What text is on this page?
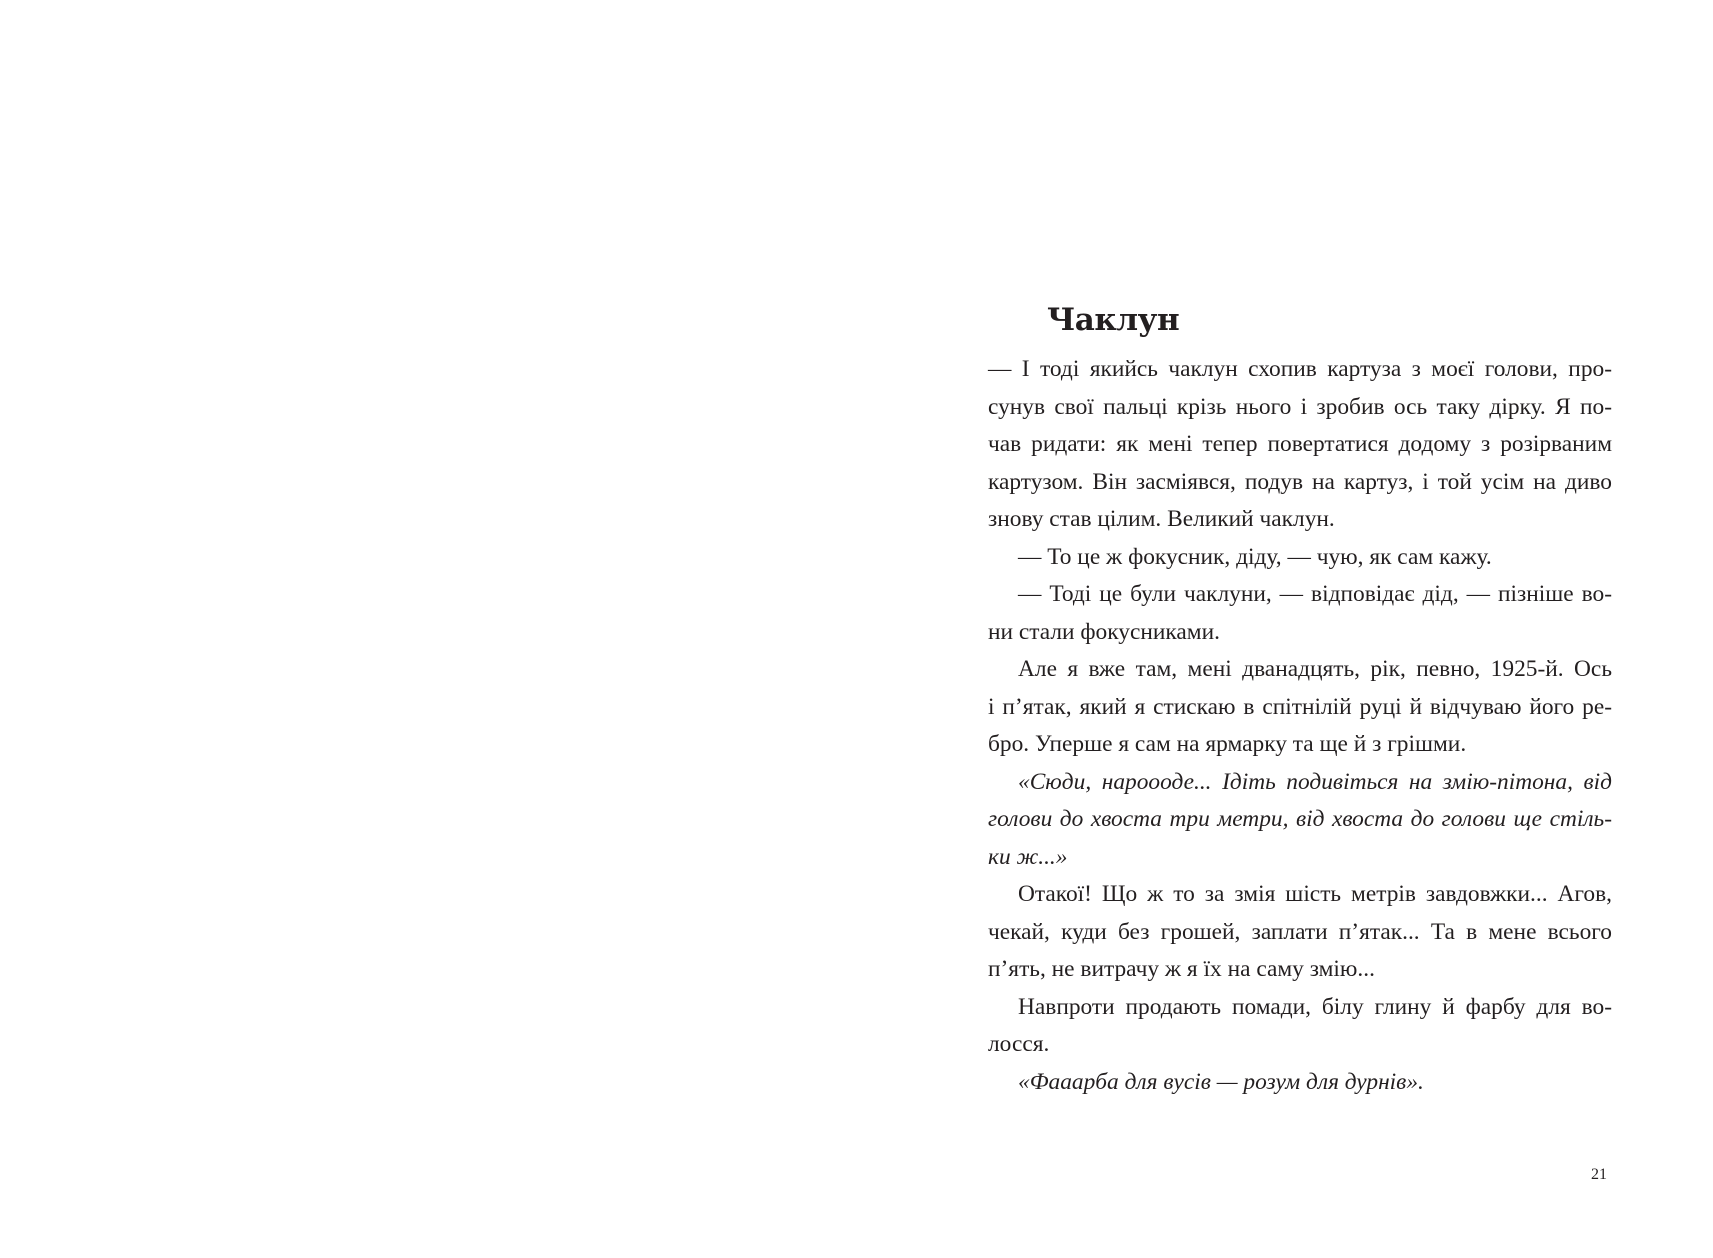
Чаклун
— І тоді якийсь чаклун схопив картуза з моєї голови, про-
сунув свої пальці крізь нього і зробив ось таку дірку. Я по-
чав ридати: як мені тепер повертатися додому з розірваним
картузом. Він засміявся, подув на картуз, і той усім на диво
знову став цілим. Великий чаклун.
— То це ж фокусник, діду, — чую, як сам кажу.
— Тоді це були чаклуни, — відповідає дід, — пізніше во-
ни стали фокусниками.
Але я вже там, мені дванадцять, рік, певно, 1925-й. Ось
і п’ятак, який я стискаю в спітнілій руці й відчуваю його ре-
бро. Уперше я сам на ярмарку та ще й з грішми.
«Сюди, нароооде... Ідіть подивіться на змію-пітона, від
голови до хвоста три метри, від хвоста до голови ще стіль-
ки ж...»
Отакої! Що ж то за змія шість метрів завдовжки... Агов,
чекай, куди без грошей, заплати п’ятак... Та в мене всього
п’ять, не витрачу ж я їх на саму змію...
Навпроти продають помади, білу глину й фарбу для во-
лосся.
«Фааарба для вусів — розум для дурнів».
21
